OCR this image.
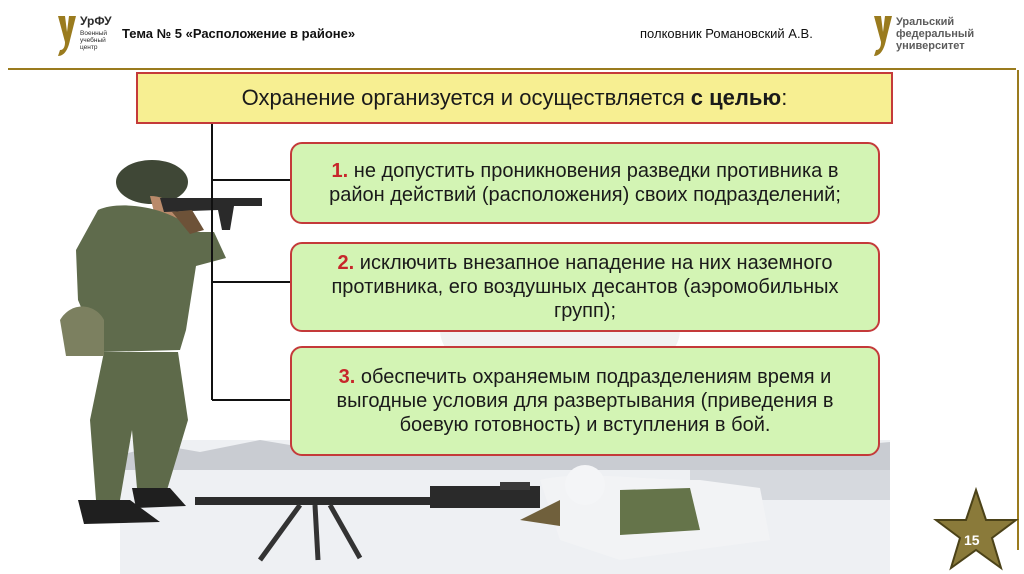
УрФУ
Военный учебный центр
Тема № 5 «Расположение в районе»	полковник Романовский А.В.
Уральский
федеральный
университет
Охранение организуется и осуществляется с целью :
1. не допустить проникновения разведки противника в район действий (расположения) своих подразделений;
2. исключить внезапное нападение на них наземного противника, его воздушных десантов (аэромобильных групп);
3. обеспечить охраняемым подразделениям время и выгодные условия для развертывания (приведения в боевую готовность) и вступления в бой.
15
